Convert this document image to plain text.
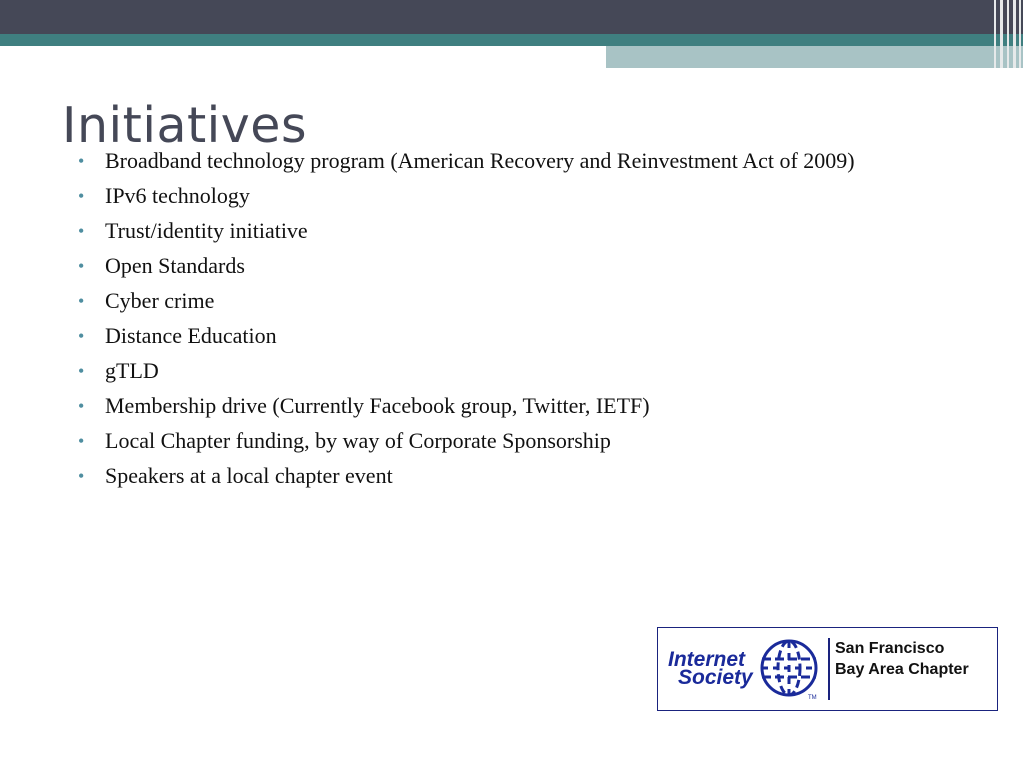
Initiatives
• Broadband technology program (American Recovery and Reinvestment Act of 2009)
• IPv6 technology
• Trust/identity initiative
• Open Standards
• Cyber crime
• Distance Education
• gTLD
• Membership drive (Currently Facebook group, Twitter, IETF)
• Local Chapter funding, by way of Corporate Sponsorship
• Speakers at a local chapter event
Internet
Society
TM
San Francisco
Bay Area Chapter
